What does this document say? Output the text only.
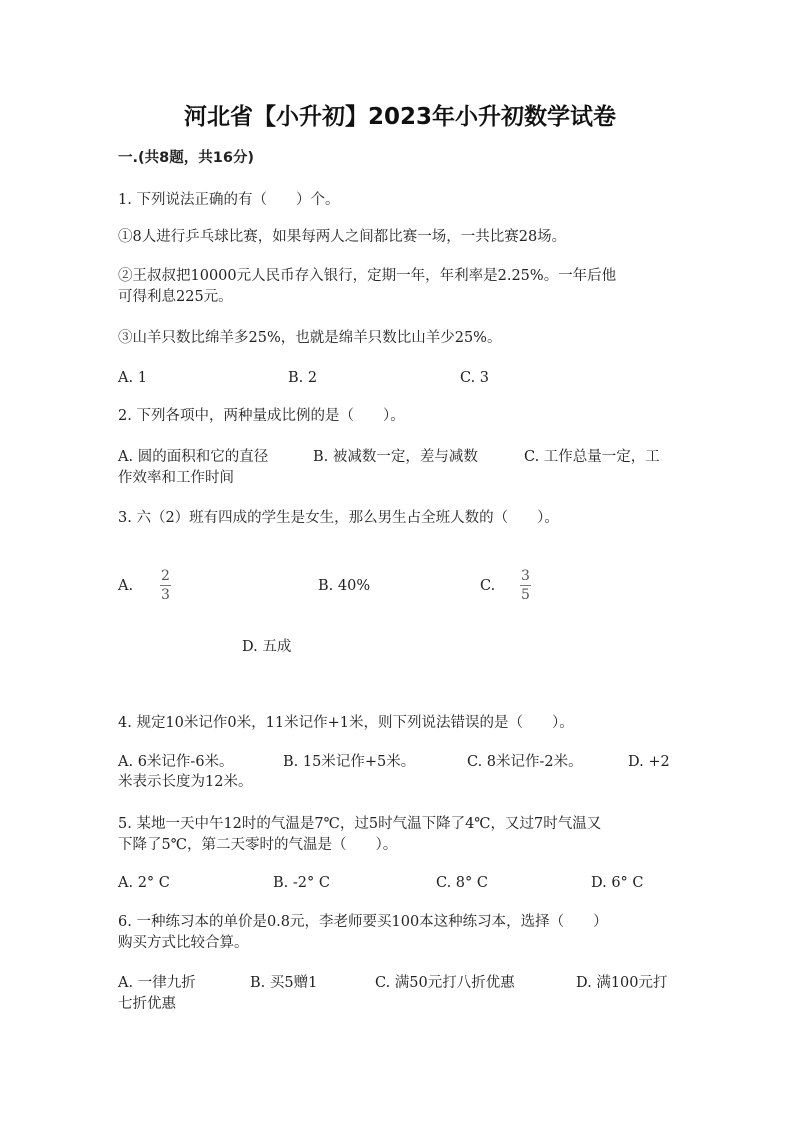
河北省【小升初】2023年小升初数学试卷
一.(共8题，共16分)
1. 下列说法正确的有（　　）个。
①8人进行乒乓球比赛，如果每两人之间都比赛一场，一共比赛28场。
②王叔叔把10000元人民币存入银行，定期一年，年利率是2.25%。一年后他
可得利息225元。
③山羊只数比绵羊多25%，也就是绵羊只数比山羊少25%。
A. 1	B. 2	C. 3
2. 下列各项中，两种量成比例的是（　　）。
A. 圆的面积和它的直径	B. 被减数一定，差与减数	C. 工作总量一定，工
作效率和工作时间
3. 六（2）班有四成的学生是女生，那么男生占全班人数的（　　）。
A.
2
3
B. 40%	C.
3
5
D. 五成
4. 规定10米记作0米，11米记作+1米，则下列说法错误的是（　　）。
A. 6米记作-6米。	B. 15米记作+5米。	C. 8米记作-2米。	D. +2
米表示长度为12米。
5. 某地一天中午12时的气温是7℃，过5时气温下降了4℃，又过7时气温又
下降了5℃，第二天零时的气温是（　　）。
A. 2° C	B. -2° C	C. 8° C	D. 6° C
6. 一种练习本的单价是0.8元，李老师要买100本这种练习本，选择（　　）
购买方式比较合算。
A. 一律九折	B. 买5赠1	C. 满50元打八折优惠	D. 满100元打
七折优惠
